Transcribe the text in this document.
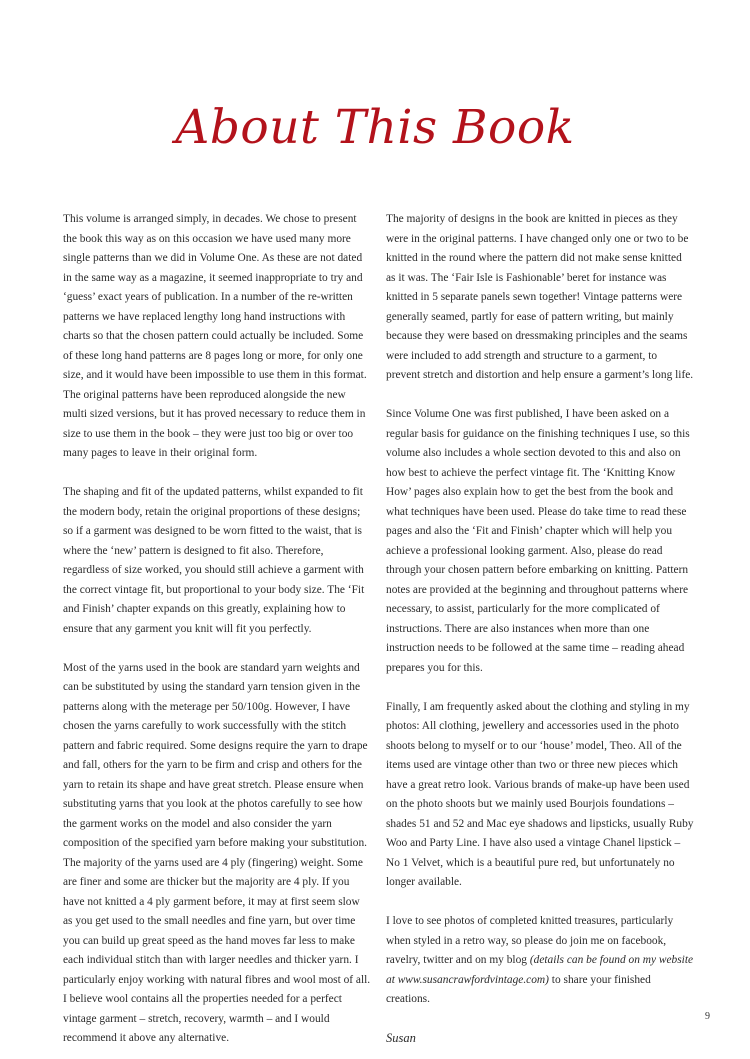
About This Book

This volume is arranged simply, in decades. We chose to present the book this way as on this occasion we have used many more single patterns than we did in Volume One. As these are not dated in the same way as a magazine, it seemed inappropriate to try and ‘guess’ exact years of publication. In a number of the re-written patterns we have replaced lengthy long hand instructions with charts so that the chosen pattern could actually be included. Some of these long hand patterns are 8 pages long or more, for only one size, and it would have been impossible to use them in this format. The original patterns have been reproduced alongside the new multi sized versions, but it has proved necessary to reduce them in size to use them in the book – they were just too big or over too many pages to leave in their original form.

The shaping and fit of the updated patterns, whilst expanded to fit the modern body, retain the original proportions of these designs; so if a garment was designed to be worn fitted to the waist, that is where the ‘new’ pattern is designed to fit also. Therefore, regardless of size worked, you should still achieve a garment with the correct vintage fit, but proportional to your body size. The ‘Fit and Finish’ chapter expands on this greatly, explaining how to ensure that any garment you knit will fit you perfectly.

Most of the yarns used in the book are standard yarn weights and can be substituted by using the standard yarn tension given in the patterns along with the meterage per 50/100g. However, I have chosen the yarns carefully to work successfully with the stitch pattern and fabric required. Some designs require the yarn to drape and fall, others for the yarn to be firm and crisp and others for the yarn to retain its shape and have great stretch. Please ensure when substituting yarns that you look at the photos carefully to see how the garment works on the model and also consider the yarn composition of the specified yarn before making your substitution. The majority of the yarns used are 4 ply (fingering) weight. Some are finer and some are thicker but the majority are 4 ply. If you have not knitted a 4 ply garment before, it may at first seem slow as you get used to the small needles and fine yarn, but over time you can build up great speed as the hand moves far less to make each individual stitch than with larger needles and thicker yarn. I particularly enjoy working with natural fibres and wool most of all. I believe wool contains all the properties needed for a perfect vintage garment – stretch, recovery, warmth – and I would recommend it above any alternative.

The majority of designs in the book are knitted in pieces as they were in the original patterns. I have changed only one or two to be knitted in the round where the pattern did not make sense knitted as it was. The ‘Fair Isle is Fashionable’ beret for instance was knitted in 5 separate panels sewn together! Vintage patterns were generally seamed, partly for ease of pattern writing, but mainly because they were based on dressmaking principles and the seams were included to add strength and structure to a garment, to prevent stretch and distortion and help ensure a garment’s long life.

Since Volume One was first published, I have been asked on a regular basis for guidance on the finishing techniques I use, so this volume also includes a whole section devoted to this and also on how best to achieve the perfect vintage fit. The ‘Knitting Know How’ pages also explain how to get the best from the book and what techniques have been used. Please do take time to read these pages and also the ‘Fit and Finish’ chapter which will help you achieve a professional looking garment. Also, please do read through your chosen pattern before embarking on knitting. Pattern notes are provided at the beginning and throughout patterns where necessary, to assist, particularly for the more complicated of instructions. There are also instances when more than one instruction needs to be followed at the same time – reading ahead prepares you for this.

Finally, I am frequently asked about the clothing and styling in my photos: All clothing, jewellery and accessories used in the photo shoots belong to myself or to our ‘house’ model, Theo. All of the items used are vintage other than two or three new pieces which have a great retro look. Various brands of make-up have been used on the photo shoots but we mainly used Bourjois foundations – shades 51 and 52 and Mac eye shadows and lipsticks, usually Ruby Woo and Party Line. I have also used a vintage Chanel lipstick – No 1 Velvet, which is a beautiful pure red, but unfortunately no longer available.

I love to see photos of completed knitted treasures, particularly when styled in a retro way, so please do join me on facebook, ravelry, twitter and on my blog (details can be found on my website at www.susancrawfordvintage.com) to share your finished creations.

Susan

9
